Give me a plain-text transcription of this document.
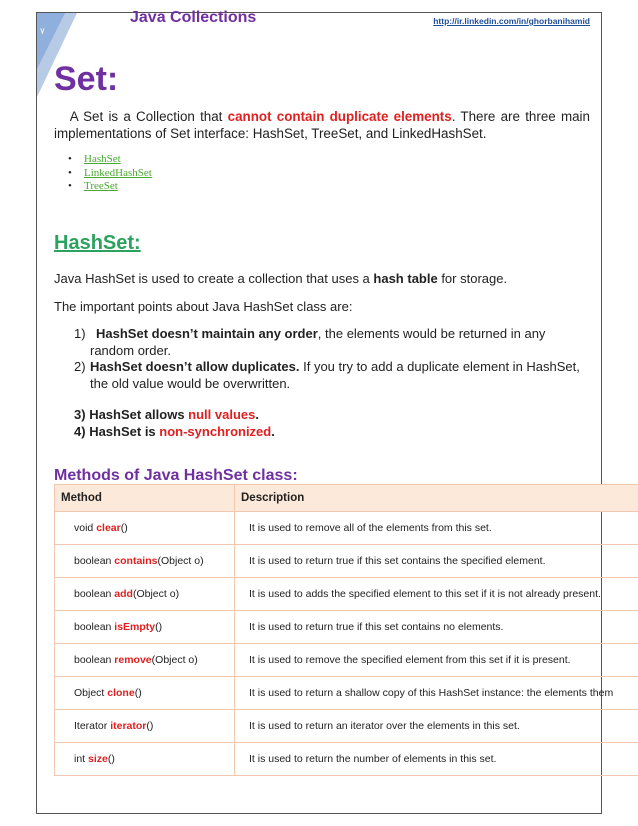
٧
Java Collections	http://ir.linkedin.com/in/ghorbanihamid
Set:
A Set is a Collection that cannot contain duplicate elements. There are three main implementations of Set interface: HashSet, TreeSet, and LinkedHashSet.
• HashSet
• LinkedHashSet
• TreeSet
HashSet:
Java HashSet is used to create a collection that uses a hash table for storage.
The important points about Java HashSet class are:
1) HashSet doesn’t maintain any order, the elements would be returned in any random order.
2) HashSet doesn’t allow duplicates. If you try to add a duplicate element in HashSet, the old value would be overwritten.
3) HashSet allows null values.
4) HashSet is non-synchronized.
Methods of Java HashSet class:
Method	Description
void clear()	It is used to remove all of the elements from this set.
boolean contains(Object o)	It is used to return true if this set contains the specified element.
boolean add(Object o)	It is used to adds the specified element to this set if it is not already present.
boolean isEmpty()	It is used to return true if this set contains no elements.
boolean remove(Object o)	It is used to remove the specified element from this set if it is present.
Object clone()	It is used to return a shallow copy of this HashSet instance: the elements them
Iterator iterator()	It is used to return an iterator over the elements in this set.
int size()	It is used to return the number of elements in this set.
